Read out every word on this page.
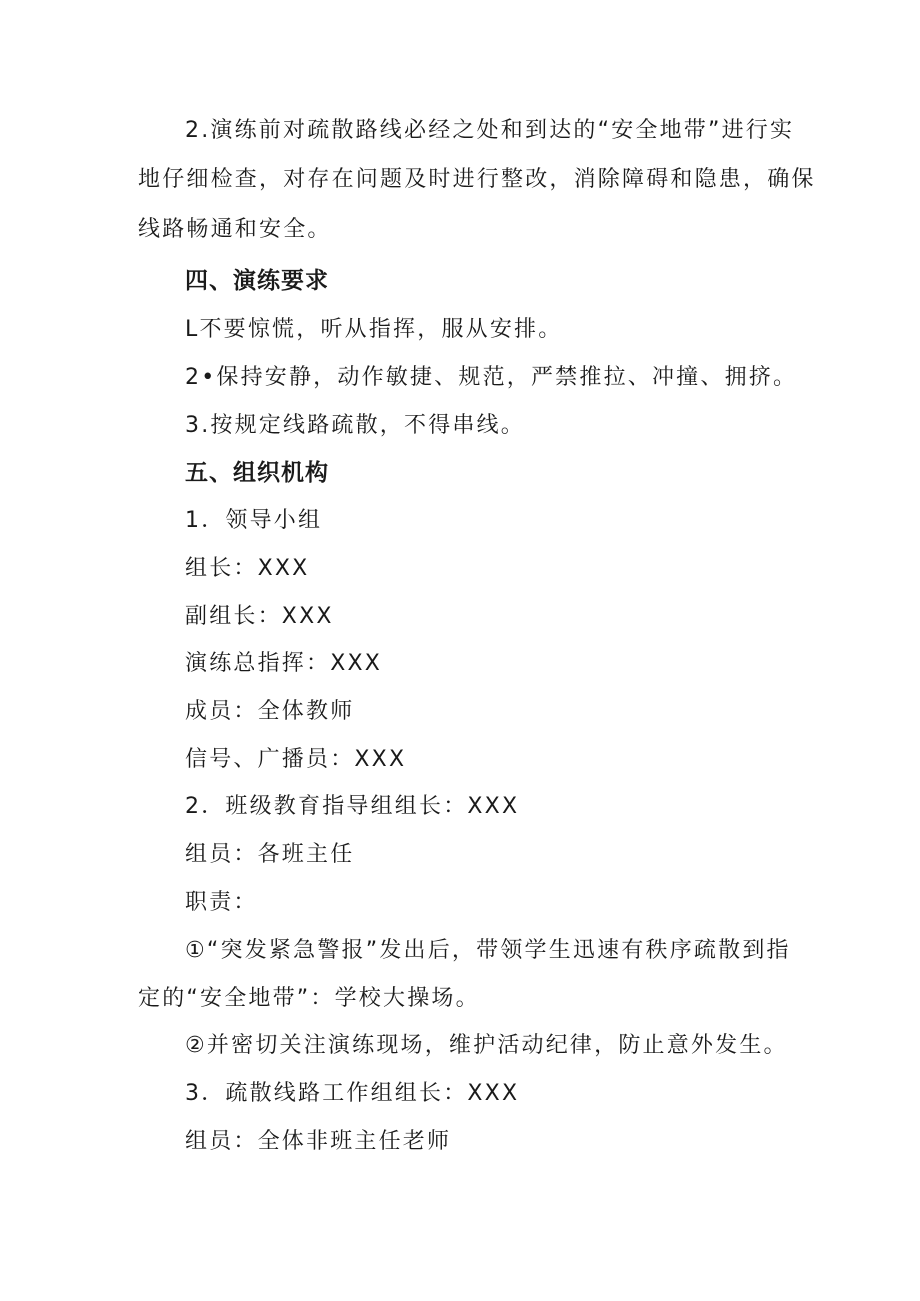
2.演练前对疏散路线必经之处和到达的“安全地带”进行实
地仔细检查，对存在问题及时进行整改，消除障碍和隐患，确保
线路畅通和安全。
四、演练要求
L不要惊慌，听从指挥，服从安排。
2•保持安静，动作敏捷、规范，严禁推拉、冲撞、拥挤。
3.按规定线路疏散，不得串线。
五、组织机构
1．领导小组
组长：XXX
副组长：XXX
演练总指挥：XXX
成员：全体教师
信号、广播员：XXX
2．班级教育指导组组长：XXX
组员：各班主任
职责：
①“突发紧急警报”发出后，带领学生迅速有秩序疏散到指
定的“安全地带”：学校大操场。
②并密切关注演练现场，维护活动纪律，防止意外发生。
3．疏散线路工作组组长：XXX
组员：全体非班主任老师
